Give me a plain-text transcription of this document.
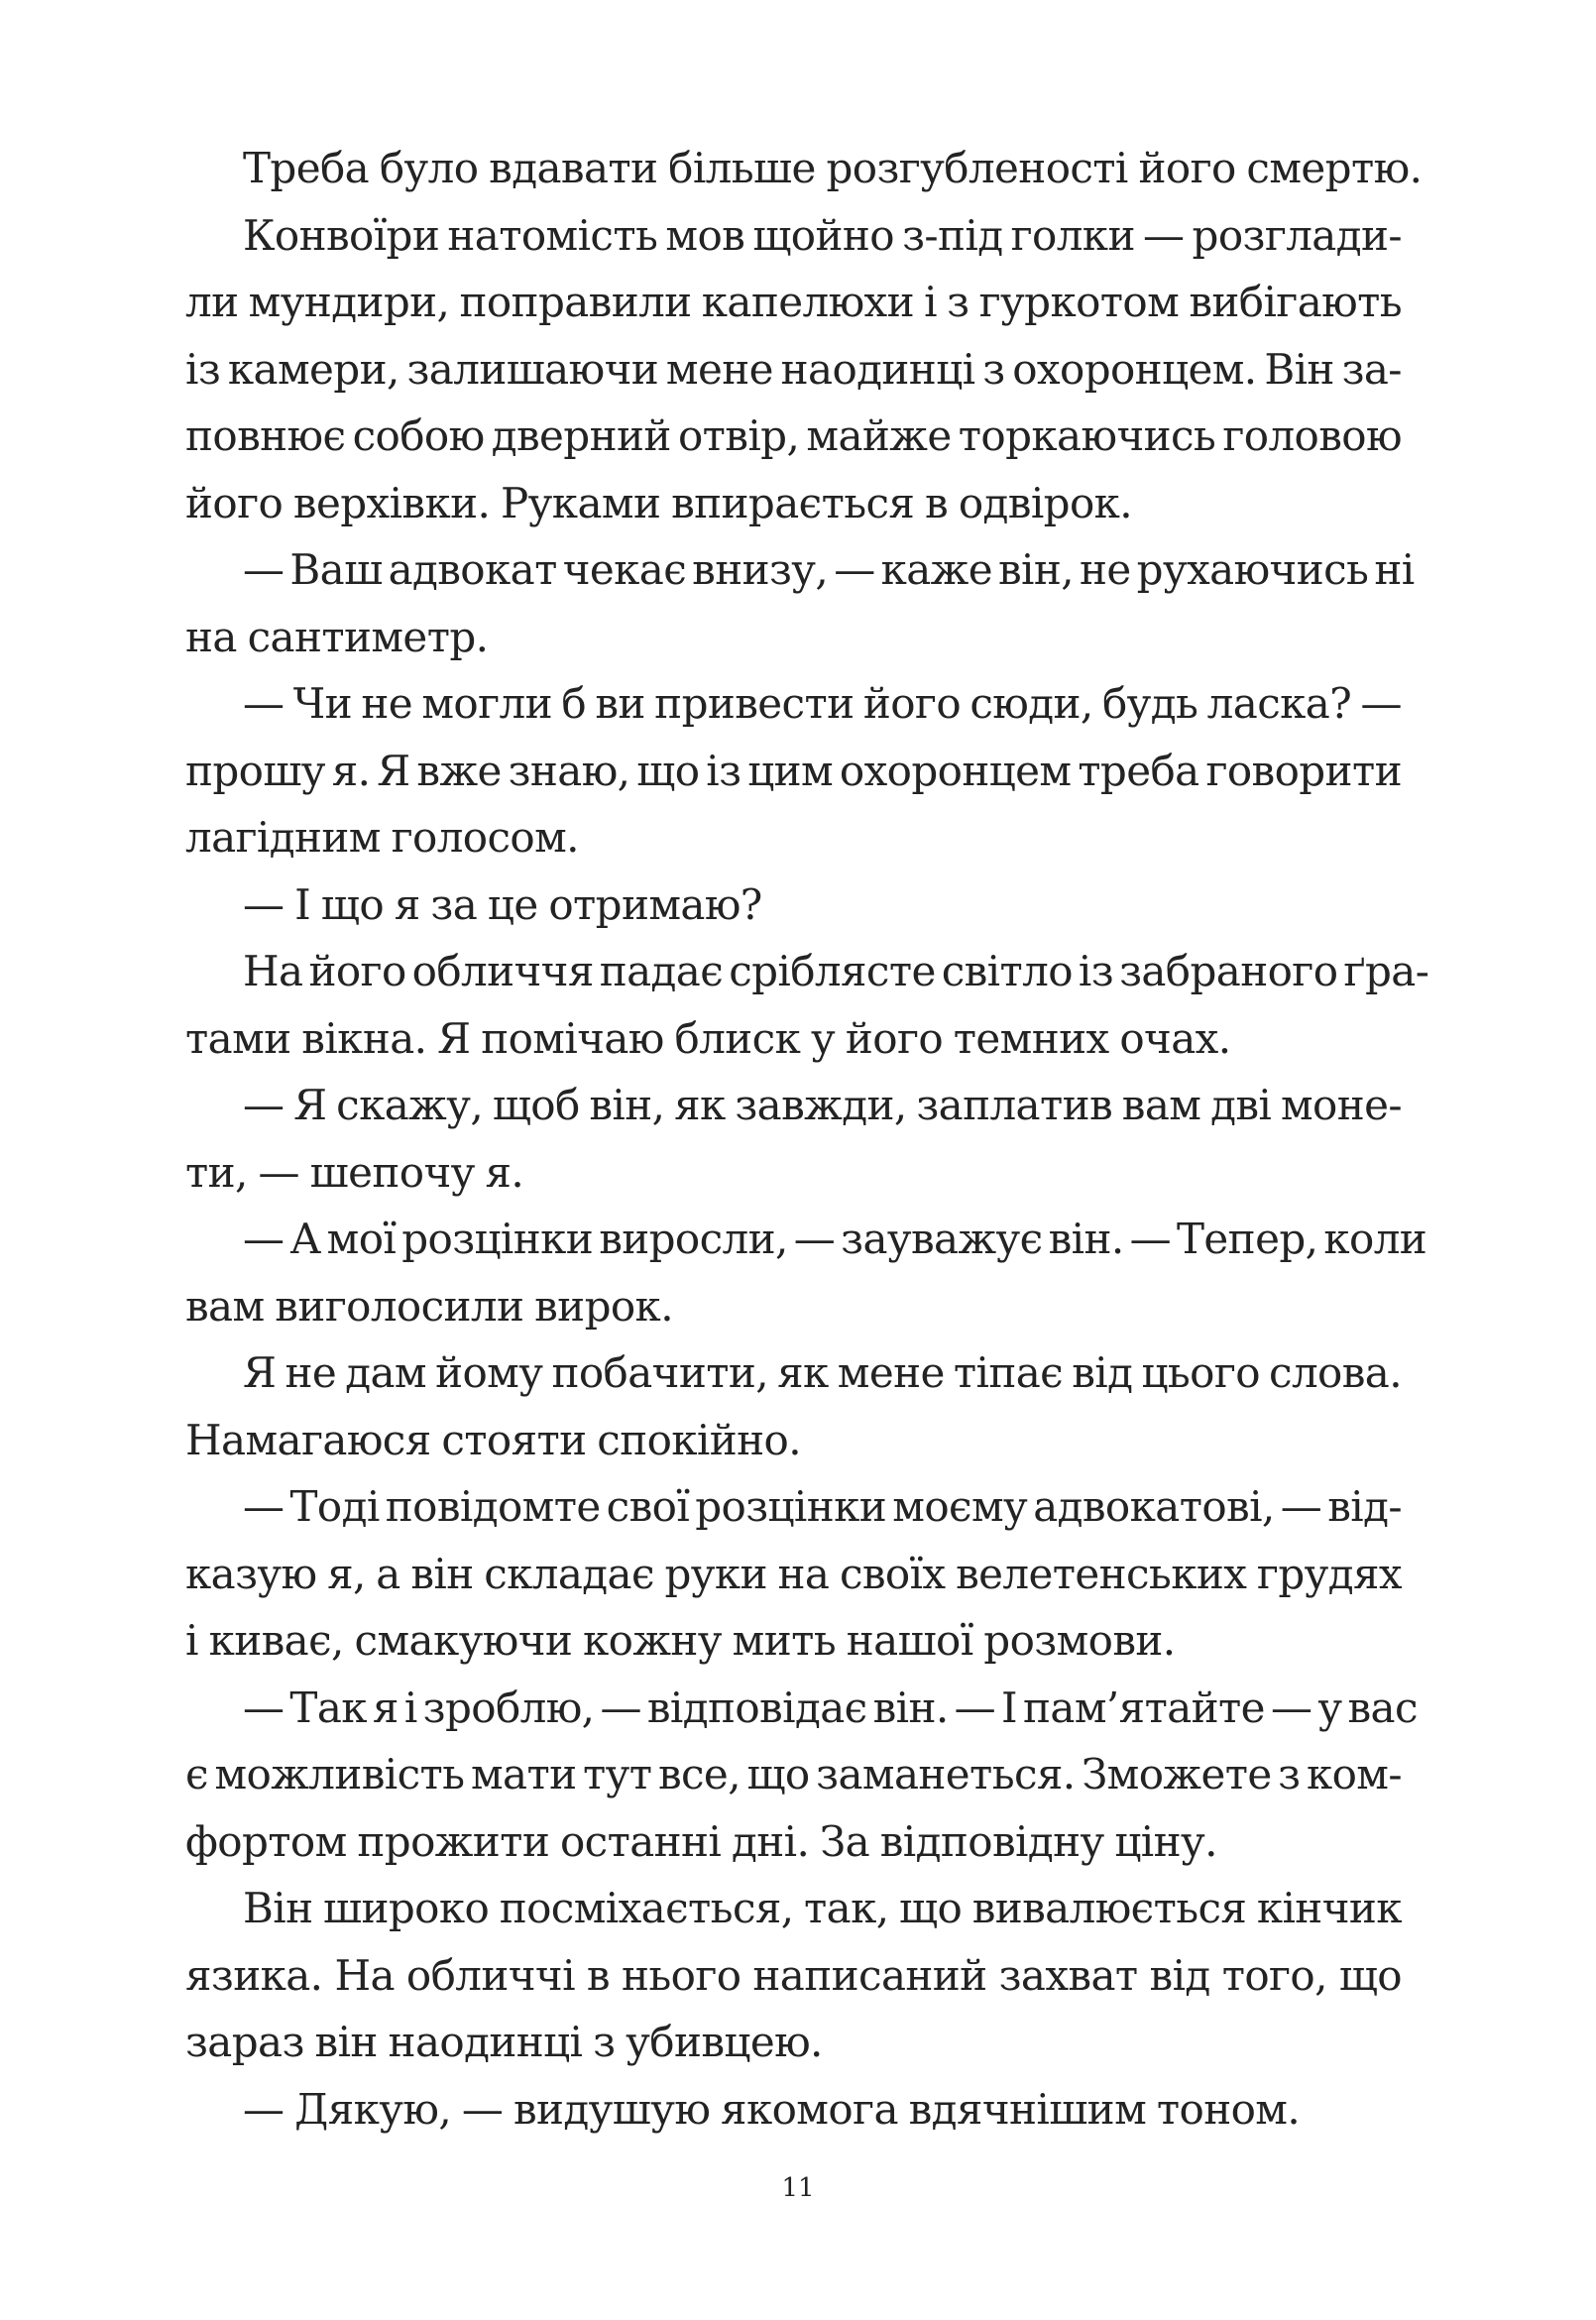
Треба було вдавати більше розгубленості його смертю.
Конвоїри натомість мов щойно з-під голки — розглади-
ли мундири, поправили капелюхи і з гуркотом вибігають
із камери, залишаючи мене наодинці з охоронцем. Він за-
повнює собою дверний отвір, майже торкаючись головою
його верхівки. Руками впирається в одвірок.
— Ваш адвокат чекає внизу, — каже він, не рухаючись ні
на сантиметр.
— Чи не могли б ви привести його сюди, будь ласка? —
прошу я. Я вже знаю, що із цим охоронцем треба говорити
лагідним голосом.
— І що я за це отримаю?
На його обличчя падає сріблясте світло із забраного ґра-
тами вікна. Я помічаю блиск у його темних очах.
— Я скажу, щоб він, як завжди, заплатив вам дві моне-
ти, — шепочу я.
— А мої розцінки виросли, — зауважує він. — Тепер, коли
вам виголосили вирок.
Я не дам йому побачити, як мене тіпає від цього слова.
Намагаюся стояти спокійно.
— Тоді повідомте свої розцінки моєму адвокатові, — від-
казую я, а він складає руки на своїх велетенських грудях
і киває, смакуючи кожну мить нашої розмови.
— Так я і зроблю, — відповідає він. — І пам’ятайте — у вас
є можливість мати тут все, що заманеться. Зможете з ком-
фортом прожити останні дні. За відповідну ціну.
Він широко посміхається, так, що вивалюється кінчик
язика. На обличчі в нього написаний захват від того, що
зараз він наодинці з убивцею.
— Дякую, — видушую якомога вдячнішим тоном.
11
